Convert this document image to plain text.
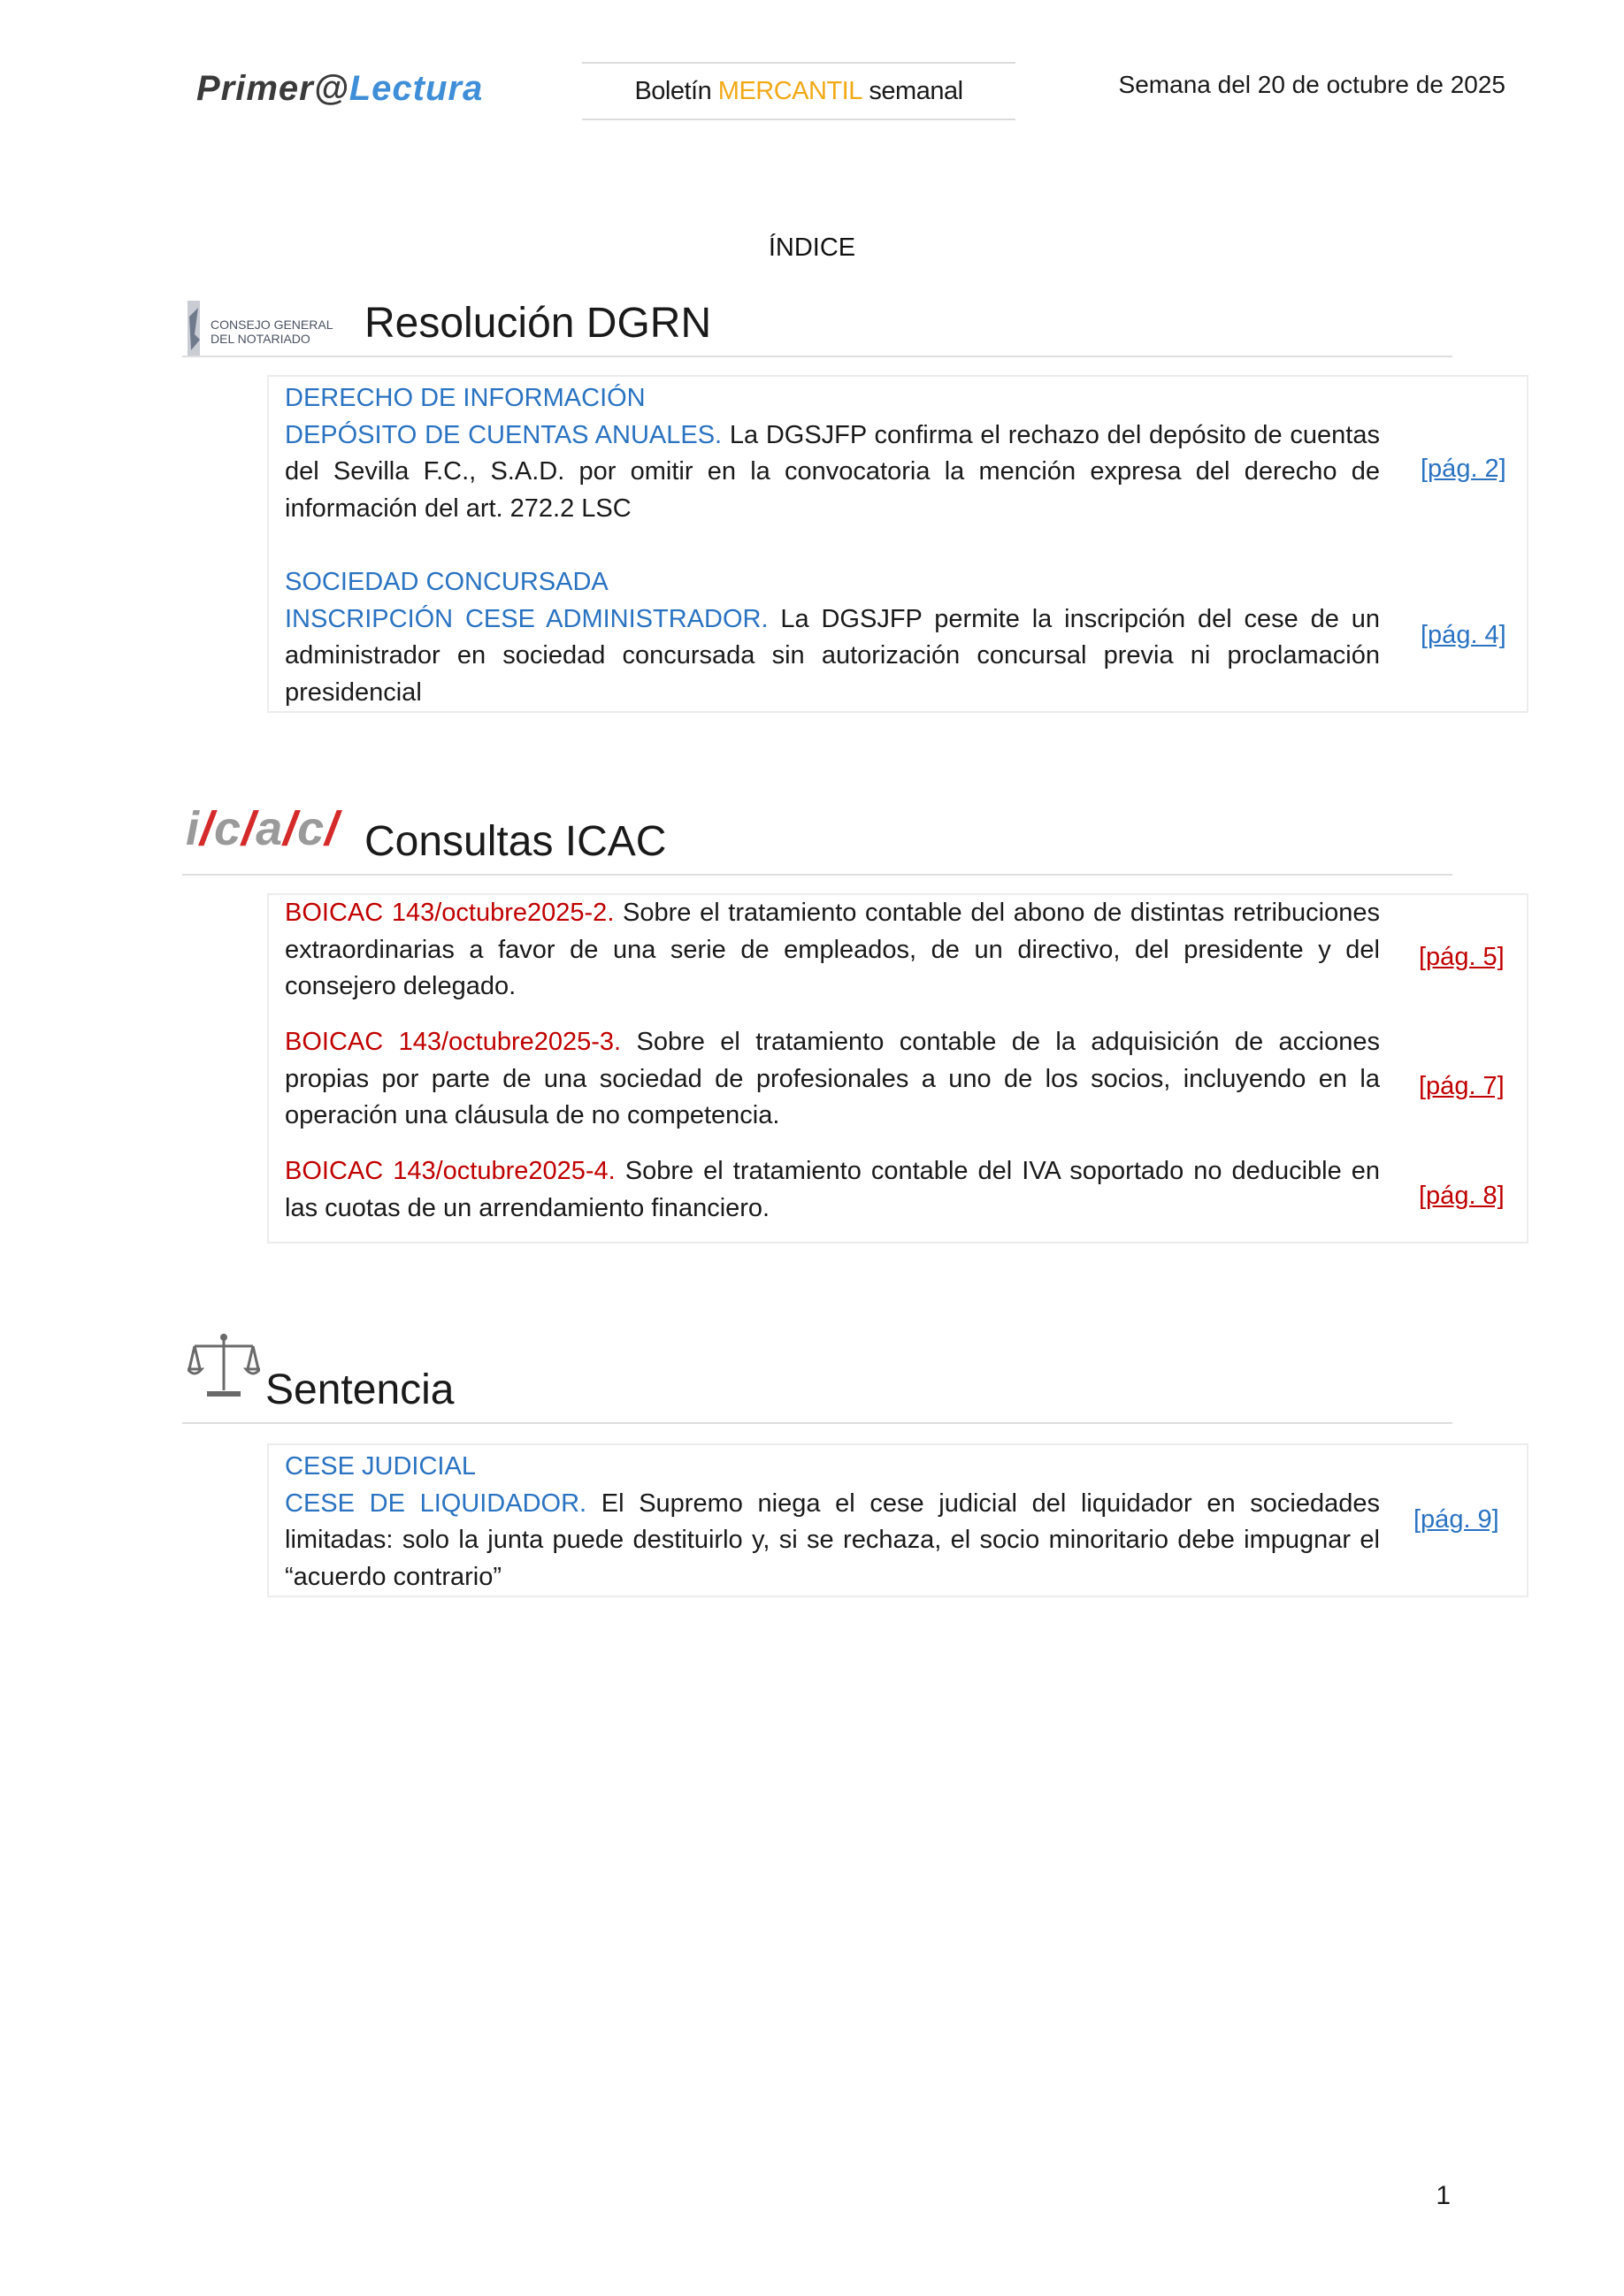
Primer@Lectura	Boletín MERCANTIL semanal	Semana del 20 de octubre de 2025
ÍNDICE
CONSEJO GENERAL
DEL NOTARIADO Resolución DGRN
DERECHO DE INFORMACIÓN
DEPÓSITO DE CUENTAS ANUALES. La DGSJFP confirma el rechazo del depósito de cuentas del Sevilla F.C., S.A.D. por omitir en la convocatoria la mención expresa del derecho de información del art. 272.2 LSC
[pág. 2]
SOCIEDAD CONCURSADA
INSCRIPCIÓN CESE ADMINISTRADOR. La DGSJFP permite la inscripción del cese de un administrador en sociedad concursada sin autorización concursal previa ni proclamación presidencial
[pág. 4]
i/c/a/c/ Consultas ICAC
BOICAC 143/octubre2025-2. Sobre el tratamiento contable del abono de distintas retribuciones extraordinarias a favor de una serie de empleados, de un directivo, del presidente y del consejero delegado.
[pág. 5]
BOICAC 143/octubre2025-3. Sobre el tratamiento contable de la adquisición de acciones propias por parte de una sociedad de profesionales a uno de los socios, incluyendo en la operación una cláusula de no competencia.
[pág. 7]
BOICAC 143/octubre2025-4. Sobre el tratamiento contable del IVA soportado no deducible en las cuotas de un arrendamiento financiero.	[pág. 8]
Sentencia
CESE JUDICIAL
CESE DE LIQUIDADOR. El Supremo niega el cese judicial del liquidador en sociedades limitadas: solo la junta puede destituirlo y, si se rechaza, el socio minoritario debe impugnar el “acuerdo contrario”
[pág. 9]
1
